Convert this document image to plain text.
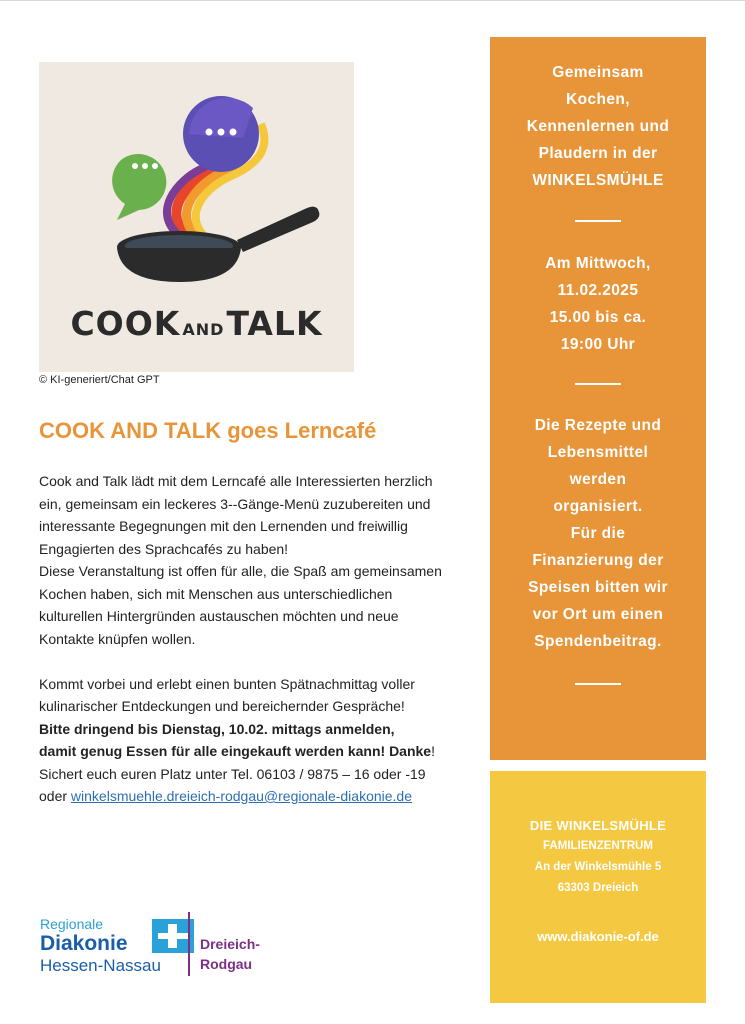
COOK ANDTALK
© KI-generiert/Chat GPT
COOK AND TALK goes Lerncafé

Cook and Talk lädt mit dem Lerncafé alle Interessierten herzlich

ein, gemeinsam ein leckeres 3--Gänge-Menü zuzubereiten und

interessante Begegnungen mit den Lernenden und freiwillig

Engagierten des Sprachcafés zu haben!

Diese Veranstaltung ist offen für alle, die Spaß am gemeinsamen

Kochen haben, sich mit Menschen aus unterschiedlichen

kulturellen Hintergründen austauschen möchten und neue

Kontakte knüpfen wollen.

Kommt vorbei und erlebt einen bunten Spätnachmittag voller

kulinarischer Entdeckungen und bereichernder Gespräche!

Bitte dringend bis Dienstag, 10.02. mittags anmelden,

damit genug Essen für alle eingekauft werden kann! Danke!

Sichert euch euren Platz unter Tel. 06103 / 9875 – 16 oder -19

oder winkelsmuehle.dreieich-rodgau@regionale-diakonie.de

Regionale
Diakonie
Hessen-Nassau
Dreieich-
Rodgau
Gemeinsam
Kochen,
Kennenlernen und
Plaudern in der
WINKELSMÜHLE
Am Mittwoch,
11.02.2025
15.00 bis ca.
19:00 Uhr
Die Rezepte und
Lebensmittel
werden
organisiert.
Für die
Finanzierung der
Speisen bitten wir
vor Ort um einen
Spendenbeitrag.
DIE WINKELSMÜHLE
FAMILIENZENTRUM
An der Winkelsmühle 5
63303 Dreieich
www.diakonie-of.de
